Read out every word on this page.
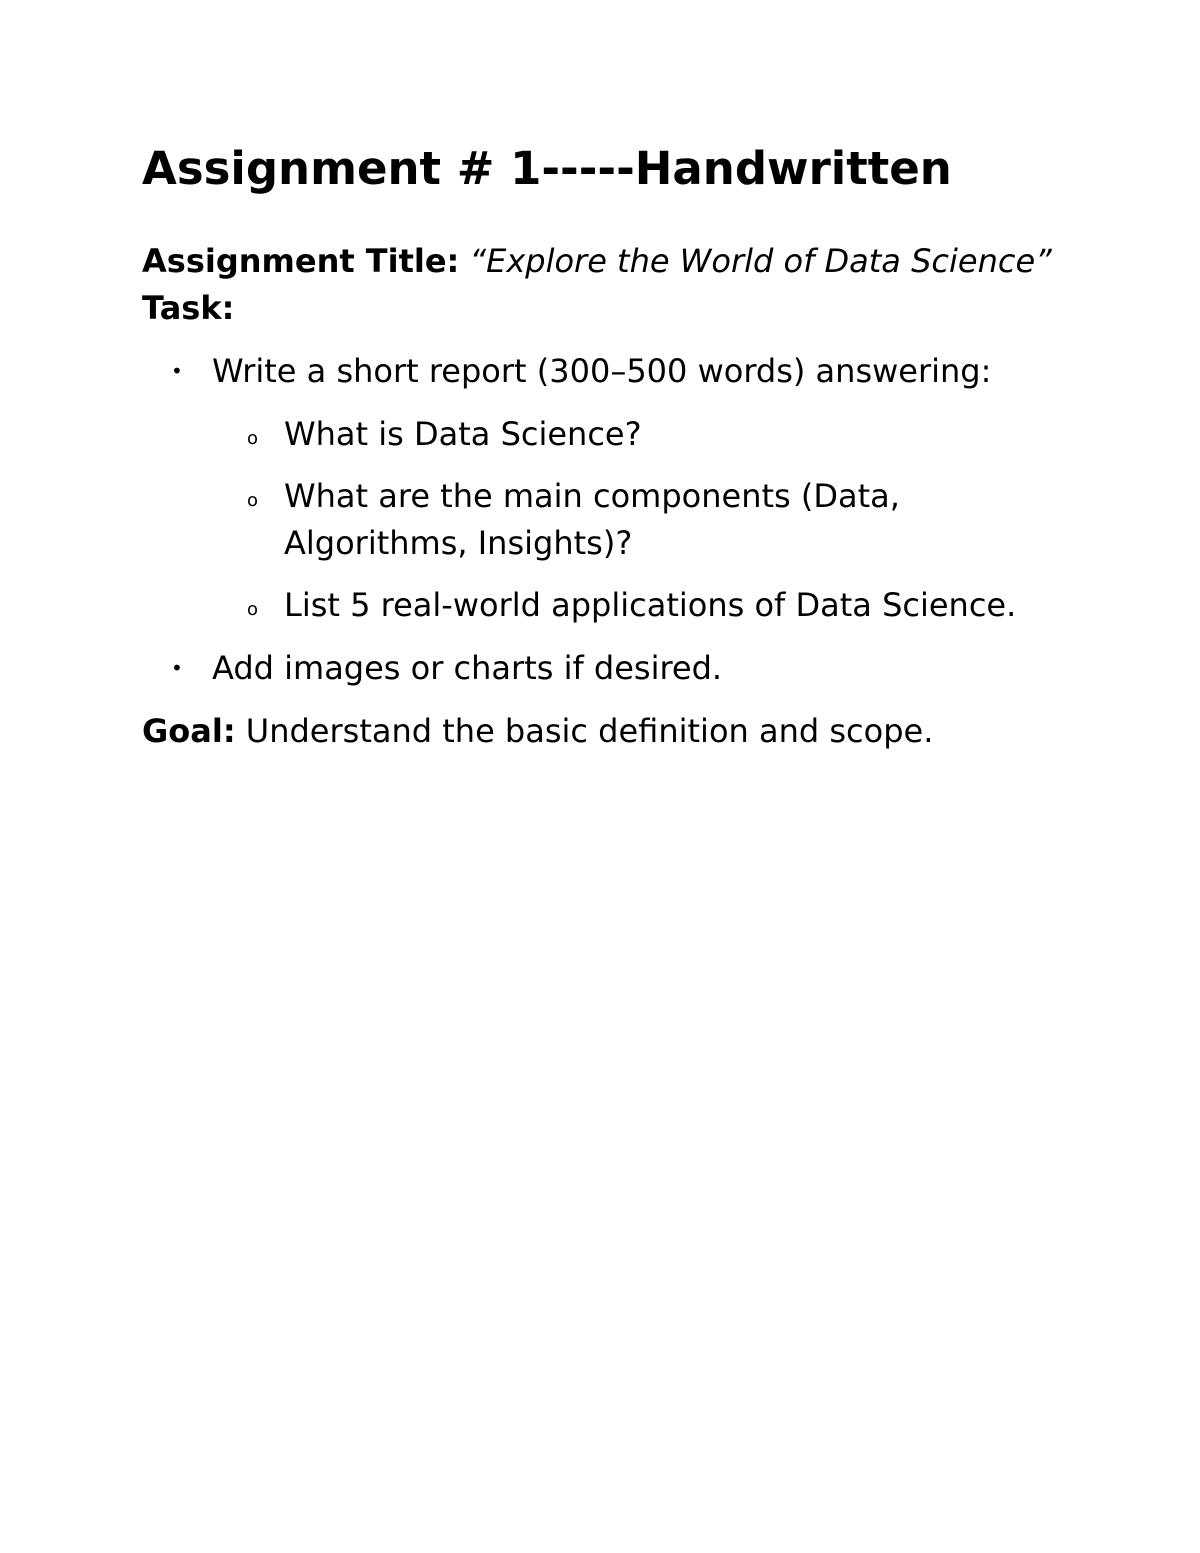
Assignment # 1-----Handwritten

Assignment Title: “Explore the World of Data Science”

Task:

• Write a short report (300–500 words) answering:
o What is Data Science?
o What are the main components (Data, Algorithms, Insights)?
o List 5 real-world applications of Data Science.
• Add images or charts if desired.

Goal: Understand the basic definition and scope.
